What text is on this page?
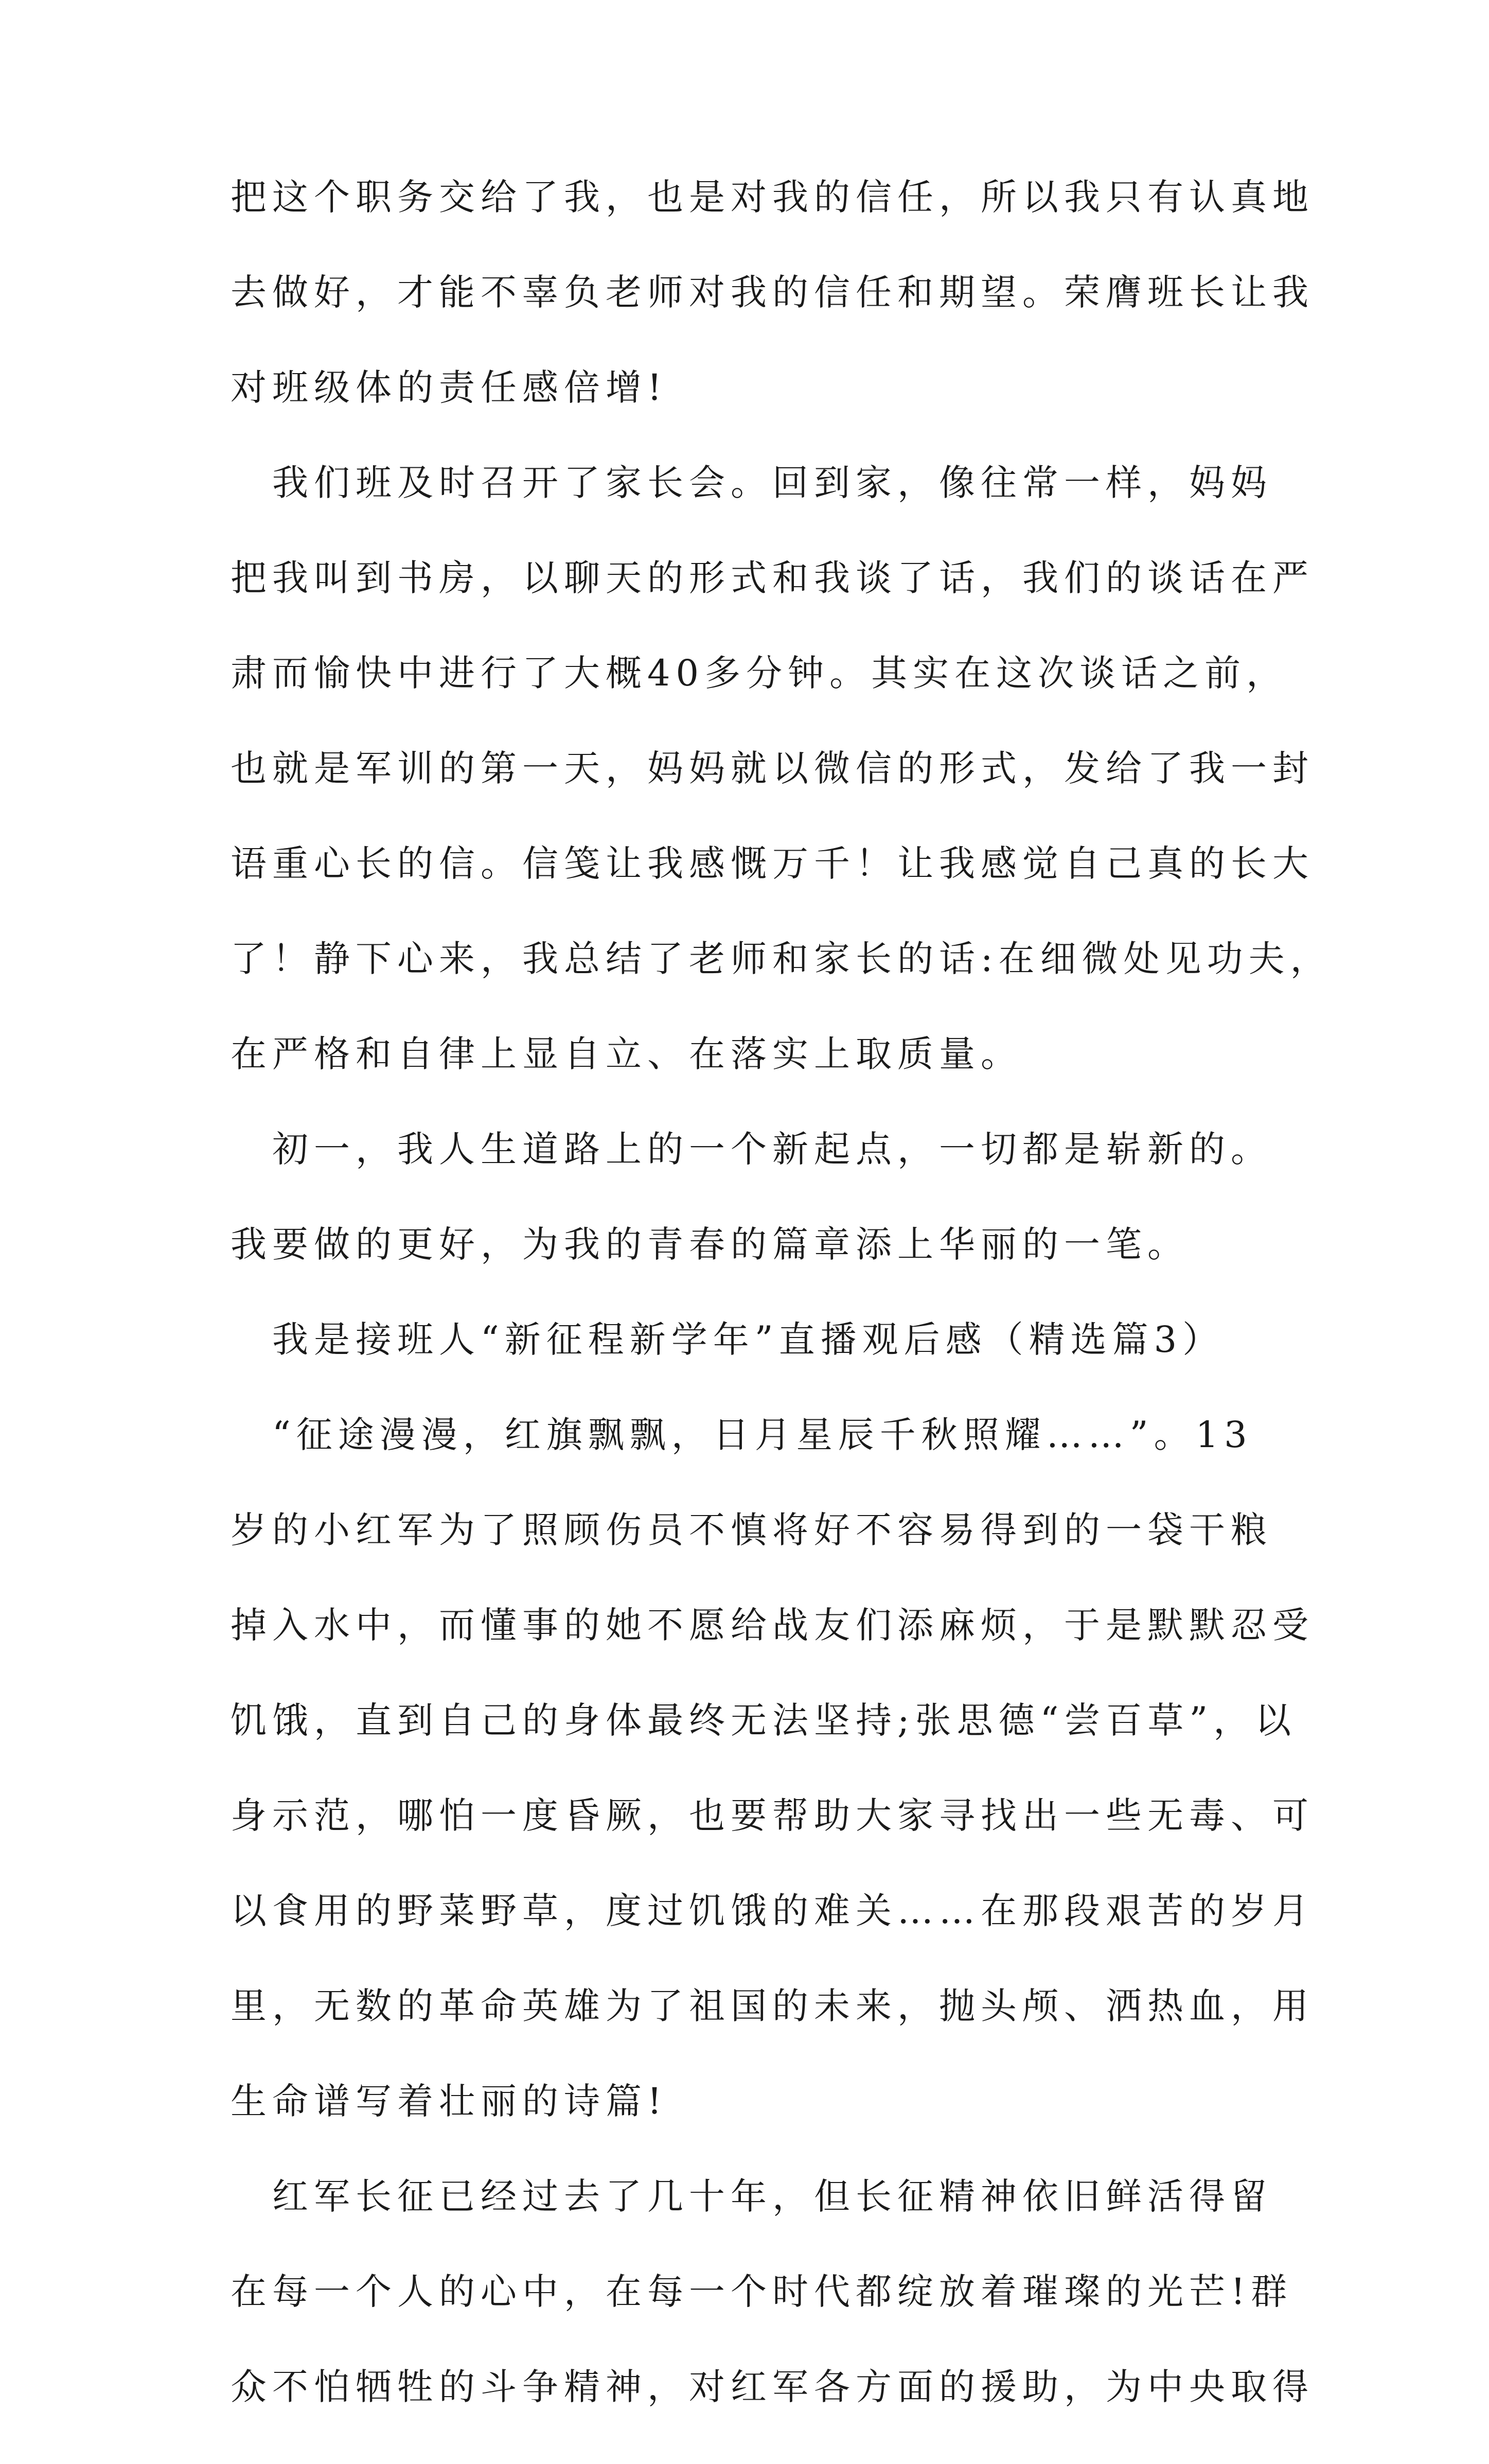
把这个职务交给了我，也是对我的信任，所以我只有认真地
去做好，才能不辜负老师对我的信任和期望。荣膺班长让我
对班级体的责任感倍增!
　我们班及时召开了家长会。回到家，像往常一样，妈妈
把我叫到书房，以聊天的形式和我谈了话，我们的谈话在严
肃而愉快中进行了大概40多分钟。其实在这次谈话之前，
也就是军训的第一天，妈妈就以微信的形式，发给了我一封
语重心长的信。信笺让我感慨万千！让我感觉自己真的长大
了！静下心来，我总结了老师和家长的话:在细微处见功夫，
在严格和自律上显自立、在落实上取质量。
　初一，我人生道路上的一个新起点，一切都是崭新的。
我要做的更好，为我的青春的篇章添上华丽的一笔。
　我是接班人“新征程新学年”直播观后感（精选篇3）
　“征途漫漫，红旗飘飘，日月星辰千秋照耀……”。13
岁的小红军为了照顾伤员不慎将好不容易得到的一袋干粮
掉入水中，而懂事的她不愿给战友们添麻烦，于是默默忍受
饥饿，直到自己的身体最终无法坚持;张思德“尝百草”，以
身示范，哪怕一度昏厥，也要帮助大家寻找出一些无毒、可
以食用的野菜野草，度过饥饿的难关……在那段艰苦的岁月
里，无数的革命英雄为了祖国的未来，抛头颅、洒热血，用
生命谱写着壮丽的诗篇!
　红军长征已经过去了几十年，但长征精神依旧鲜活得留
在每一个人的心中，在每一个时代都绽放着璀璨的光芒!群
众不怕牺牲的斗争精神，对红军各方面的援助，为中央取得
